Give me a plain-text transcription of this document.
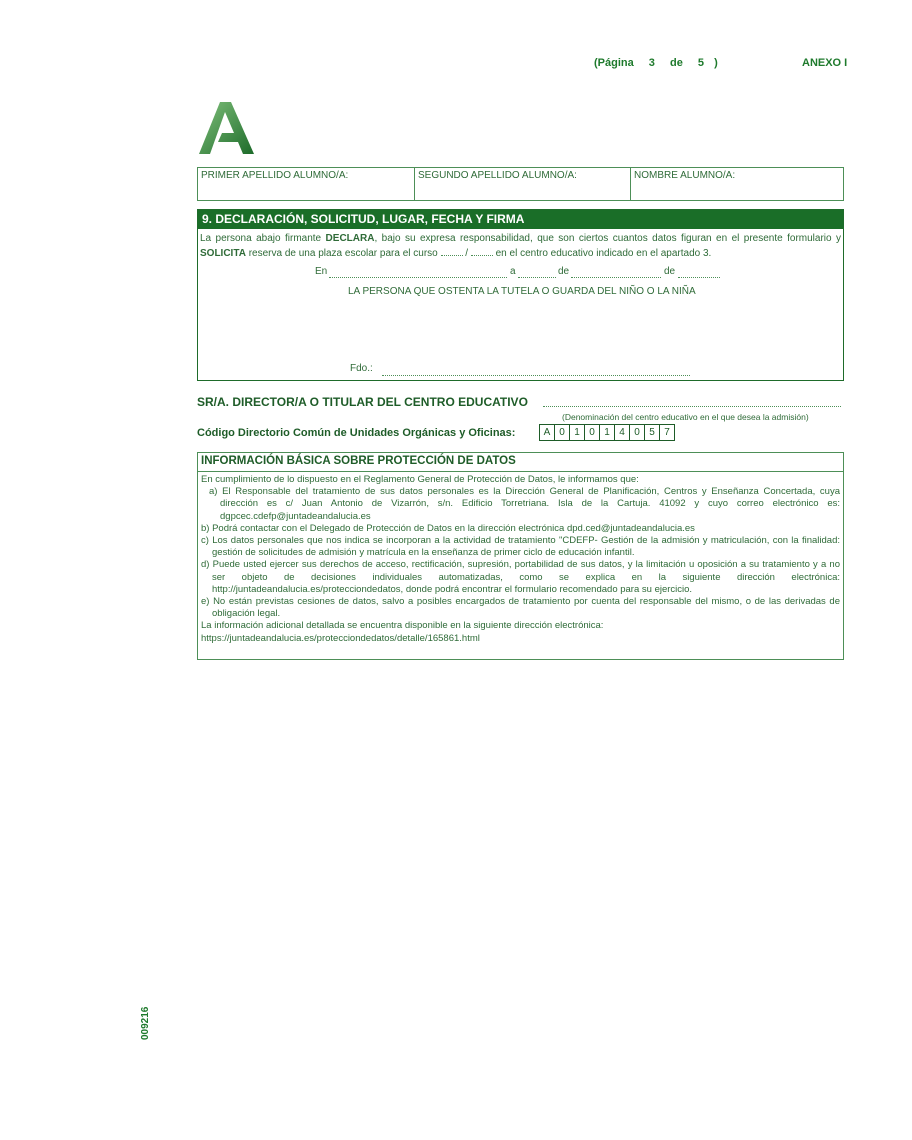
(Página 3 de 5 )	ANEXO I
PRIMER APELLIDO ALUMNO/A:	SEGUNDO APELLIDO ALUMNO/A:	NOMBRE ALUMNO/A:
9. DECLARACIÓN, SOLICITUD, LUGAR, FECHA Y FIRMA
La persona abajo firmante DECLARA, bajo su expresa responsabilidad, que son ciertos cuantos datos figuran en el presente formulario y SOLICITA reserva de una plaza escolar para el curso	/	en el centro educativo indicado en el apartado 3.
En	a	de	de
LA PERSONA QUE OSTENTA LA TUTELA O GUARDA DEL NIÑO O LA NIÑA
Fdo.:
SR/A. DIRECTOR/A O TITULAR DEL CENTRO EDUCATIVO
(Denominación del centro educativo en el que desea la admisión)
Código Directorio Común de Unidades Orgánicas y Oficinas:	A 0 1 0 1 4 0 5 7
INFORMACIÓN BÁSICA SOBRE PROTECCIÓN DE DATOS

En cumplimiento de lo dispuesto en el Reglamento General de Protección de Datos, le informamos que:

a) El Responsable del tratamiento de sus datos personales es la Dirección General de Planificación, Centros y Enseñanza Concertada, cuya dirección es c/ Juan Antonio de Vizarrón, s/n. Edificio Torretriana. Isla de la Cartuja. 41092 y cuyo correo electrónico es: dgpcec.cdefp@juntadeandalucia.es

b) Podrá contactar con el Delegado de Protección de Datos en la dirección electrónica dpd.ced@juntadeandalucia.es

c) Los datos personales que nos indica se incorporan a la actividad de tratamiento "CDEFP- Gestión de la admisión y matriculación, con la finalidad: gestión de solicitudes de admisión y matrícula en la enseñanza de primer ciclo de educación infantil.

d) Puede usted ejercer sus derechos de acceso, rectificación, supresión, portabilidad de sus datos, y la limitación u oposición a su tratamiento y a no ser objeto de decisiones individuales automatizadas, como se explica en la siguiente dirección electrónica: http://juntadeandalucia.es/protecciondedatos, donde podrá encontrar el formulario recomendado para su ejercicio.

e) No están previstas cesiones de datos, salvo a posibles encargados de tratamiento por cuenta del responsable del mismo, o de las derivadas de obligación legal.

La información adicional detallada se encuentra disponible en la siguiente dirección electrónica:

https://juntadeandalucia.es/protecciondedatos/detalle/165861.html

009216
